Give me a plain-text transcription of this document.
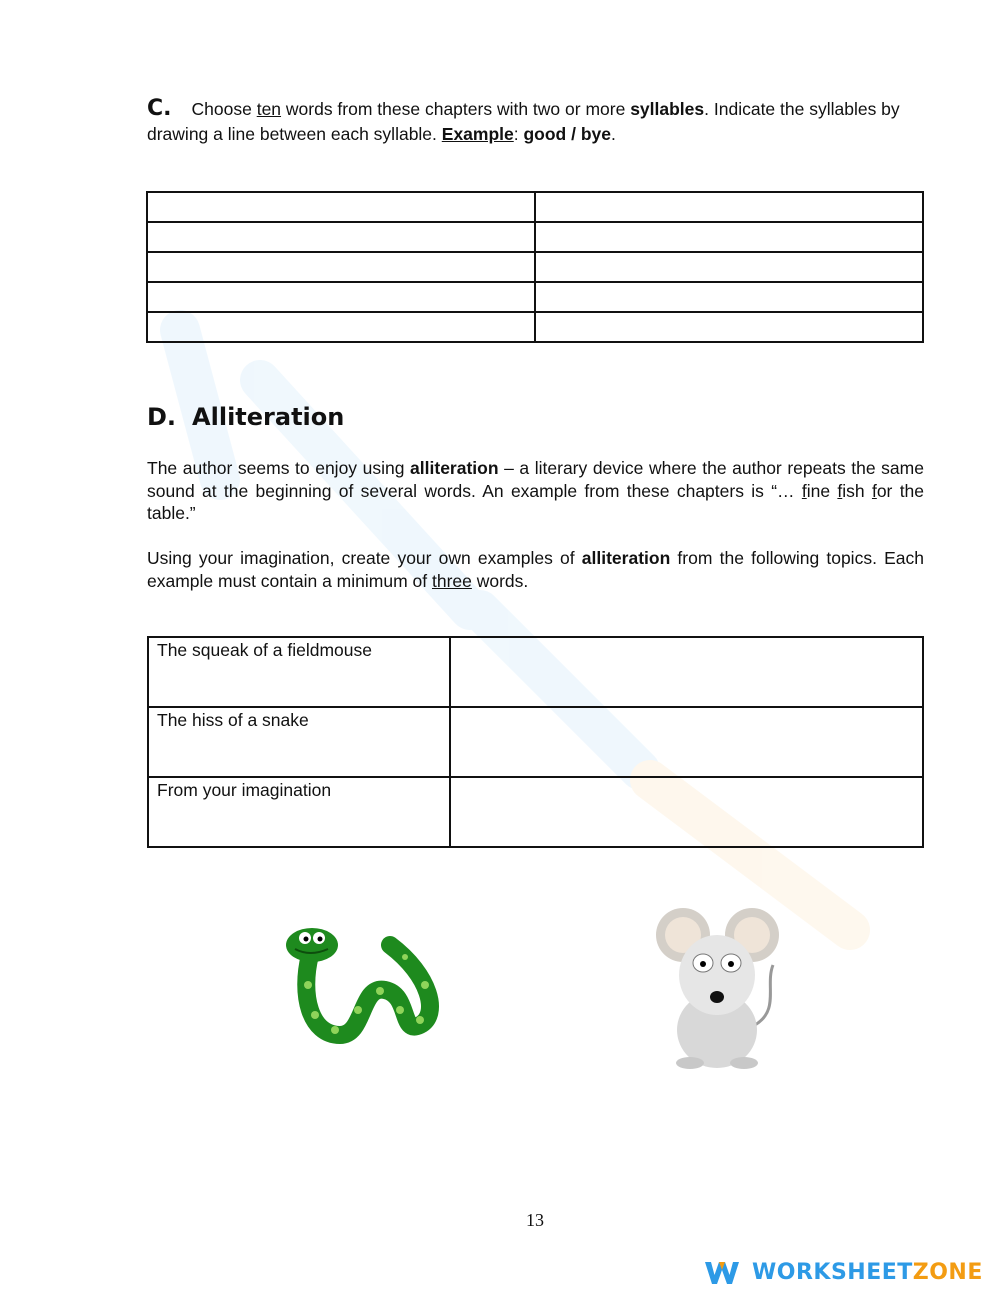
C. Choose ten words from these chapters with two or more syllables. Indicate the syllables by drawing a line between each syllable. Example: good / bye.

D. Alliteration
The author seems to enjoy using alliteration – a literary device where the author repeats the same sound at the beginning of several words. An example from these chapters is “… fine fish for the table.”
Using your imagination, create your own examples of alliteration from the following topics. Each example must contain a minimum of three words.
The squeak of a fieldmouse	
The hiss of a snake	
From your imagination	
13
WORKSHEETZONE
